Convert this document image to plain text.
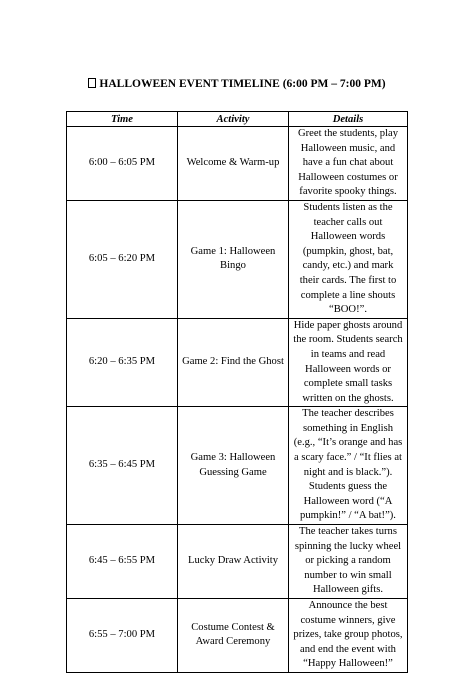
HALLOWEEN EVENT TIMELINE (6:00 PM – 7:00 PM)
Time	Activity	Details
6:00 – 6:05 PM	Welcome & Warm-up	Greet the students, play Halloween music, and have a fun chat about Halloween costumes or favorite spooky things.
6:05 – 6:20 PM	Game 1: Halloween Bingo	Students listen as the teacher calls out Halloween words (pumpkin, ghost, bat, candy, etc.) and mark their cards. The first to complete a line shouts “BOO!”.
6:20 – 6:35 PM	Game 2: Find the Ghost	Hide paper ghosts around the room. Students search in teams and read Halloween words or complete small tasks written on the ghosts.
6:35 – 6:45 PM	Game 3: Halloween Guessing Game	The teacher describes something in English (e.g., “It’s orange and has a scary face.” / “It flies at night and is black.”). Students guess the Halloween word (“A pumpkin!” / “A bat!”).
6:45 – 6:55 PM	Lucky Draw Activity	The teacher takes turns spinning the lucky wheel or picking a random number to win small Halloween gifts.
6:55 – 7:00 PM	Costume Contest & Award Ceremony	Announce the best costume winners, give prizes, take group photos, and end the event with “Happy Halloween!”
